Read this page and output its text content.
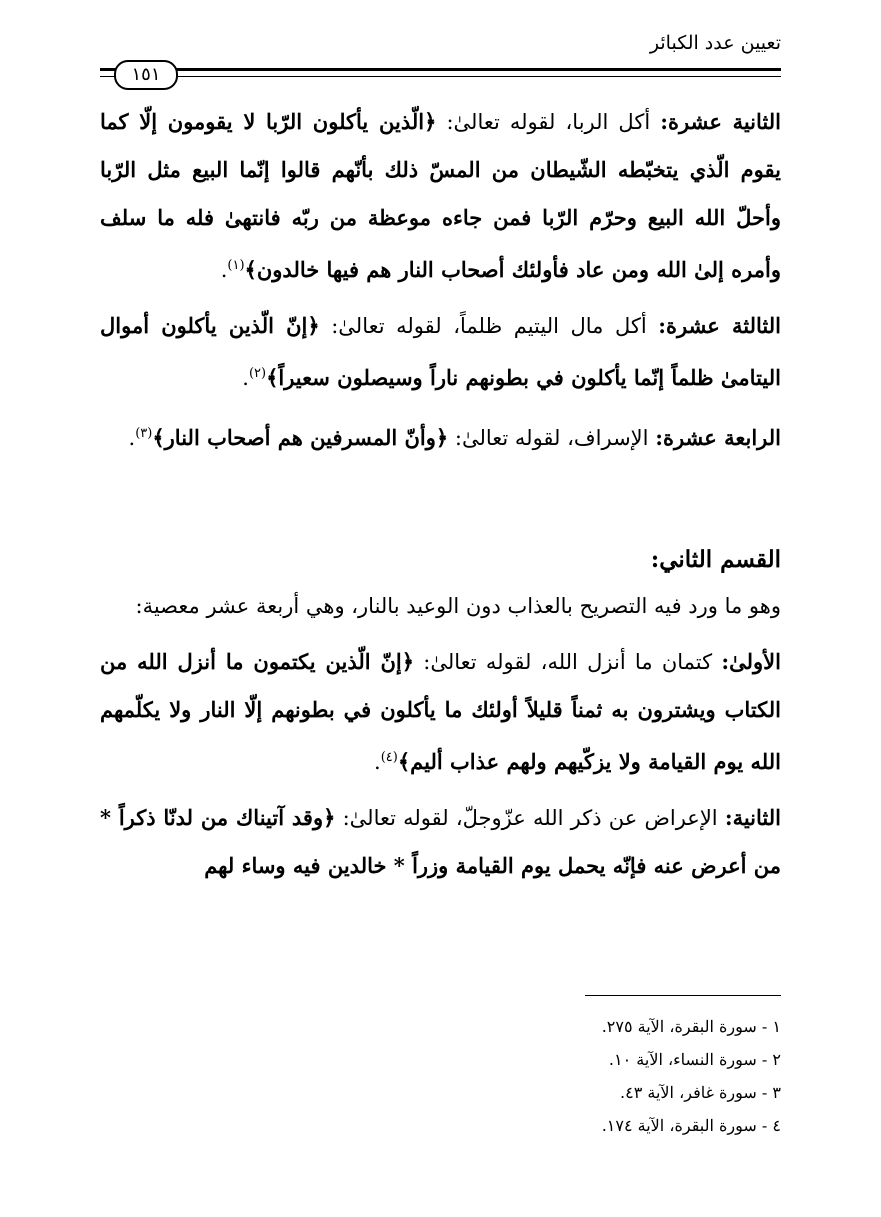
تعيين عدد الكبائر
١٥١

الثانية عشرة: أكل الربا، لقوله تعالىٰ: ﴿الّذين يأكلون الرّبا لا يقومون إلّا كما يقوم الّذي يتخبّطه الشّيطان من المسّ ذلك بأنّهم قالوا إنّما البيع مثل الرّبا وأحلّ الله البيع وحرّم الرّبا فمن جاءه موعظة من ربّه فانتهىٰ فله ما سلف وأمره إلىٰ الله ومن عاد فأولئك أصحاب النار هم فيها خالدون﴾$^{(١)}$.

الثالثة عشرة: أكل مال اليتيم ظلماً، لقوله تعالىٰ: ﴿إنّ الّذين يأكلون أموال اليتامىٰ ظلماً إنّما يأكلون في بطونهم ناراً وسيصلون سعيراً﴾$^{(٢)}$.

الرابعة عشرة: الإسراف، لقوله تعالىٰ: ﴿وأنّ المسرفين هم أصحاب النار﴾$^{(٣)}$.

القسم الثاني:

وهو ما ورد فيه التصريح بالعذاب دون الوعيد بالنار، وهي أربعة عشر معصية:

الأولىٰ: كتمان ما أنزل الله، لقوله تعالىٰ: ﴿إنّ الّذين يكتمون ما أنزل الله من الكتاب ويشترون به ثمناً قليلاً أولئك ما يأكلون في بطونهم إلّا النار ولا يكلّمهم الله يوم القيامة ولا يزكّيهم ولهم عذاب أليم﴾$^{(٤)}$.

الثانية: الإعراض عن ذكر الله عزّوجلّ، لقوله تعالىٰ: ﴿وقد آتيناك من لدنّا ذكراً * من أعرض عنه فإنّه يحمل يوم القيامة وزراً * خالدين فيه وساء لهم

١ - سورة البقرة، الآية ٢٧٥.

٢ - سورة النساء، الآية ١٠.

٣ - سورة غافر، الآية ٤٣.

٤ - سورة البقرة، الآية ١٧٤.
